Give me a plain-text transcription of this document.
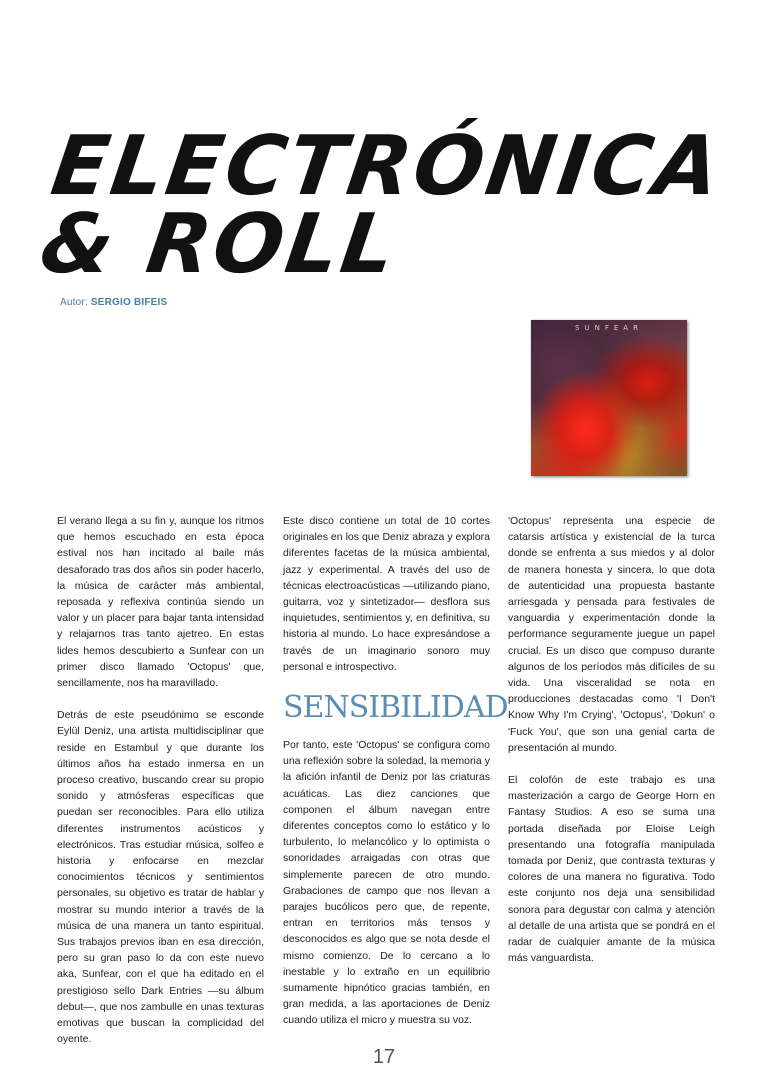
ELECTRÓNICA
& ROLL
Autor: SERGIO BIFEIS
SUNFEAR

El verano llega a su fin y, aunque los ritmos que hemos escuchado en esta época estival nos han incitado al baile más desaforado tras dos años sin poder hacerlo, la música de carácter más ambiental, reposada y reflexiva continúa siendo un valor y un placer para bajar tanta intensidad y relajarnos tras tanto ajetreo. En estas lides hemos descubierto a Sunfear con un primer disco llamado 'Octopus' que, sencillamente, nos ha maravillado.

Detrás de este pseudónimo se esconde Eylül Deniz, una artista multidisciplinar que reside en Estambul y que durante los últimos años ha estado inmersa en un proceso creativo, buscando crear su propio sonido y atmósferas específicas que puedan ser reconocibles. Para ello utiliza diferentes instrumentos acústicos y electrónicos. Tras estudiar música, solfeo e historia y enfocarse en mezclar conocimientos técnicos y sentimientos personales, su objetivo es tratar de hablar y mostrar su mundo interior a través de la música de una manera un tanto espiritual. Sus trabajos previos iban en esa dirección, pero su gran paso lo da con este nuevo aka, Sunfear, con el que ha editado en el prestigioso sello Dark Entries —su álbum debut—, que nos zambulle en unas texturas emotivas que buscan la complicidad del oyente.

Este disco contiene un total de 10 cortes originales en los que Deniz abraza y explora diferentes facetas de la música ambiental, jazz y experimental. A través del uso de técnicas electroacústicas —utilizando piano, guitarra, voz y sintetizador— desflora sus inquietudes, sentimientos y, en definitiva, su historia al mundo. Lo hace expresándose a través de un imaginario sonoro muy personal e introspectivo.

SENSIBILIDAD

Por tanto, este 'Octopus' se configura como una reflexión sobre la soledad, la memoria y la afición infantil de Deniz por las criaturas acuáticas. Las diez canciones que componen el álbum navegan entre diferentes conceptos como lo estático y lo turbulento, lo melancólico y lo optimista o sonoridades arraigadas con otras que simplemente parecen de otro mundo. Grabaciones de campo que nos llevan a parajes bucólicos pero que, de repente, entran en territorios más tensos y desconocidos es algo que se nota desde el mismo comienzo. De lo cercano a lo inestable y lo extraño en un equilibrio sumamente hipnótico gracias también, en gran medida, a las aportaciones de Deniz cuando utiliza el micro y muestra su voz.

'Octopus' representa una especie de catarsis artística y existencial de la turca donde se enfrenta a sus miedos y al dolor de manera honesta y sincera, lo que dota de autenticidad una propuesta bastante arriesgada y pensada para festivales de vanguardia y experimentación donde la performance seguramente juegue un papel crucial. Es un disco que compuso durante algunos de los períodos más difíciles de su vida. Una visceralidad se nota en producciones destacadas como 'I Don't Know Why I'm Crying', 'Octopus', 'Dokun' o 'Fuck You', que son una genial carta de presentación al mundo.

El colofón de este trabajo es una masterización a cargo de George Horn en Fantasy Studios. A eso se suma una portada diseñada por Eloise Leigh presentando una fotografía manipulada tomada por Deniz, que contrasta texturas y colores de una manera no figurativa. Todo este conjunto nos deja una sensibilidad sonora para degustar con calma y atención al detalle de una artista que se pondrá en el radar de cualquier amante de la música más vanguardista.

17
